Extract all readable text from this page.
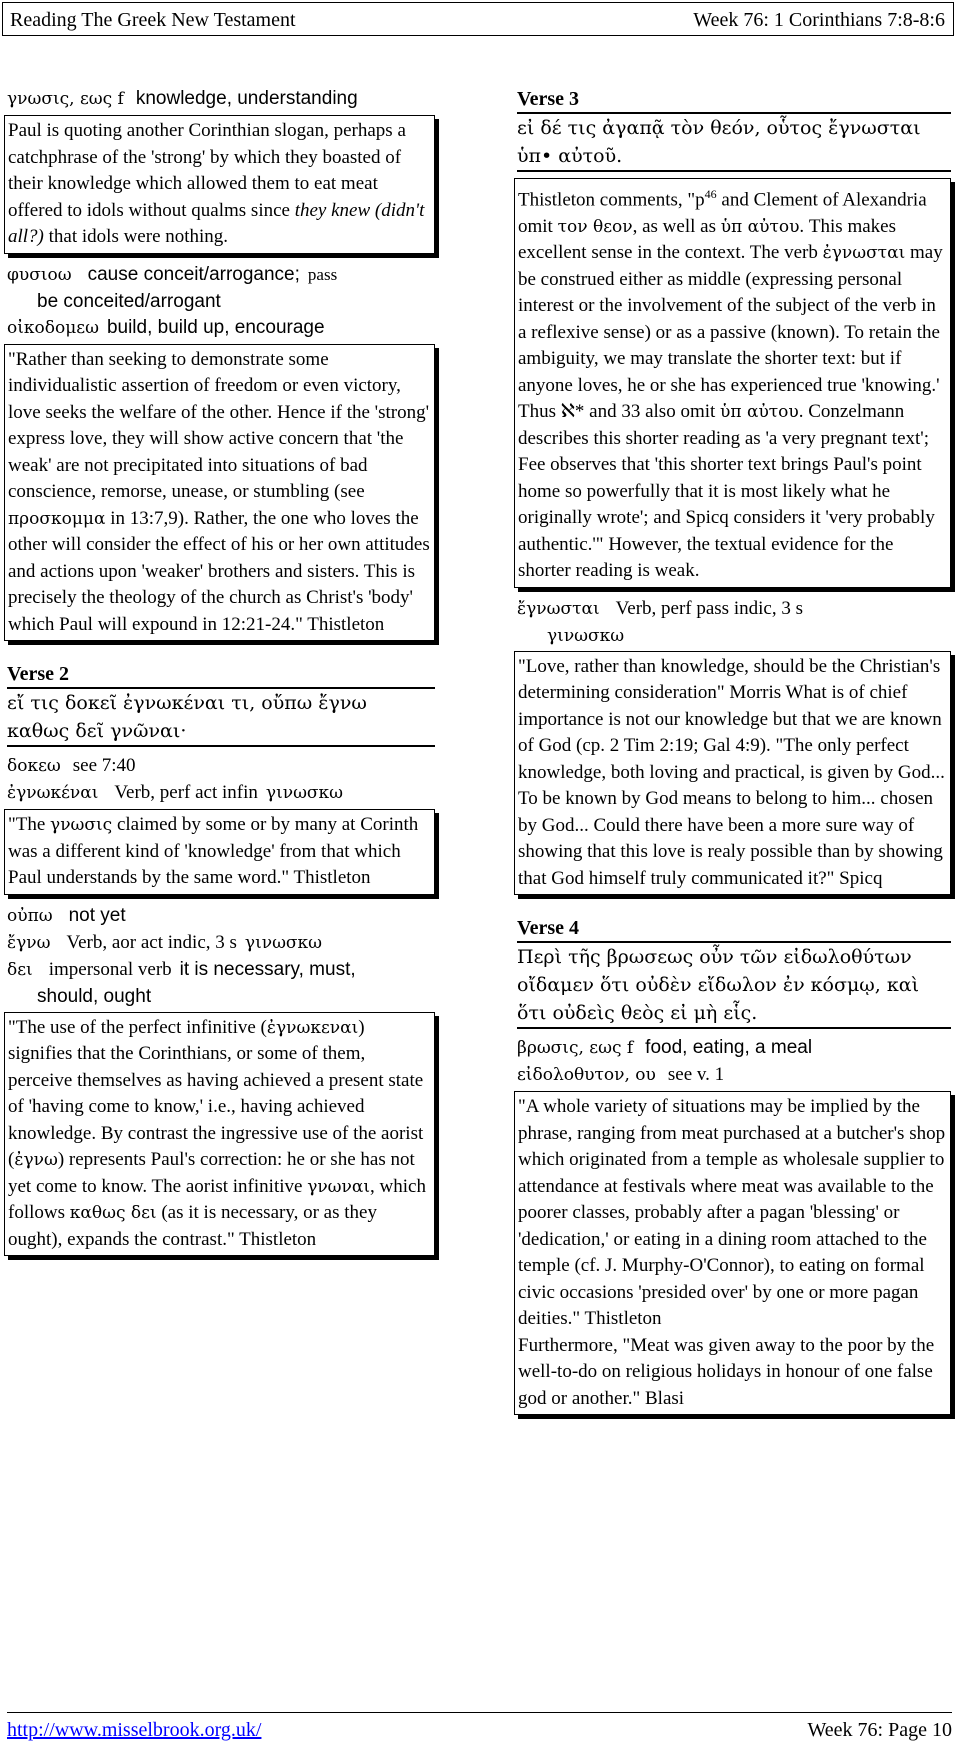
Reading The Greek New Testament	Week 76: 1 Corinthians 7:8-8:6

γνωσις, εως f knowledge, understanding

Paul is quoting another Corinthian slogan, perhaps a catchphrase of the 'strong' by which they boasted of their knowledge which allowed them to eat meat offered to idols without qualms since they knew (didn't all?) that idols were nothing.

φυσιοω cause conceit/arrogance; pass
be conceited/arrogant

οἰκοδομεω build, build up, encourage

"Rather than seeking to demonstrate some individualistic assertion of freedom or even victory, love seeks the welfare of the other. Hence if the 'strong' express love, they will show active concern that 'the weak' are not precipitated into situations of bad conscience, remorse, unease, or stumbling (see προσκομμα in 13:7,9). Rather, the one who loves the other will consider the effect of his or her own attitudes and actions upon 'weaker' brothers and sisters. This is precisely the theology of the church as Christ's 'body' which Paul will expound in 12:21-24." Thistleton
Verse 2
εἴ τις δοκεῖ ἐγνωκέναι τι, οὔπω ἔγνω καθως δεῖ γνῶναι·

δοκεω see 7:40

ἐγνωκέναι Verb, perf act infin γινωσκω

"The γνωσις claimed by some or by many at Corinth was a different kind of 'knowledge' from that which Paul understands by the same word." Thistleton

οὐπω not yet

ἔγνω Verb, aor act indic, 3 s γινωσκω

δει impersonal verb it is necessary, must,
should, ought

"The use of the perfect infinitive (ἐγνωκεναι) signifies that the Corinthians, or some of them, perceive themselves as having achieved a present state of 'having come to know,' i.e., having achieved knowledge. By contrast the ingressive use of the aorist (ἐγνω) represents Paul's correction: he or she has not yet come to know. The aorist infinitive γνωναι, which follows καθως δει (as it is necessary, or as they ought), expands the contrast." Thistleton
Verse 3
εἰ δέ τις ἀγαπᾷ τὸν θεόν, οὗτος ἔγνωσται ὑπ• αὐτοῦ.
Thistleton comments, "$p^{46}$ and Clement of Alexandria omit τον θεον, as well as ὑπ αὐτου. This makes excellent sense in the context. The verb ἐγνωσται may be construed either as middle (expressing personal interest or the involvement of the subject of the verb in a reflexive sense) or as a passive (known). To retain the ambiguity, we may translate the shorter text: but if anyone loves, he or she has experienced true 'knowing.' Thus ℵ* and 33 also omit ὑπ αὐτου. Conzelmann describes this shorter reading as 'a very pregnant text'; Fee observes that 'this shorter text brings Paul's point home so powerfully that it is most likely what he originally wrote'; and Spicq considers it 'very probably authentic.'" However, the textual evidence for the shorter reading is weak.

ἔγνωσται Verb, perf pass indic, 3 s
γινωσκω

"Love, rather than knowledge, should be the Christian's determining consideration" Morris What is of chief importance is not our knowledge but that we are known of God (cp. 2 Tim 2:19; Gal 4:9). "The only perfect knowledge, both loving and practical, is given by God... To be known by God means to belong to him... chosen by God... Could there have been a more sure way of showing that this love is realy possible than by showing that God himself truly communicated it?" Spicq
Verse 4
Περὶ τῆς βρωσεως οὖν τῶν εἰδωλοθύτων οἴδαμεν ὅτι οὐδὲν εἴδωλον ἐν κόσμῳ, καὶ ὅτι οὐδεὶς θεὸς εἰ μὴ εἷς.

βρωσις, εως f food, eating, a meal

εἰδολοθυτον, ου see v. 1

"A whole variety of situations may be implied by the phrase, ranging from meat purchased at a butcher's shop which originated from a temple as wholesale supplier to attendance at festivals where meat was available to the poorer classes, probably after a pagan 'blessing' or 'dedication,' or eating in a dining room attached to the temple (cf. J. Murphy-O'Connor), to eating on formal civic occasions 'presided over' by one or more pagan deities." Thistleton
Furthermore, "Meat was given away to the poor by the well-to-do on religious holidays in honour of one false god or another." Blasi
http://www.misselbrook.org.uk/	Week 76: Page 10
